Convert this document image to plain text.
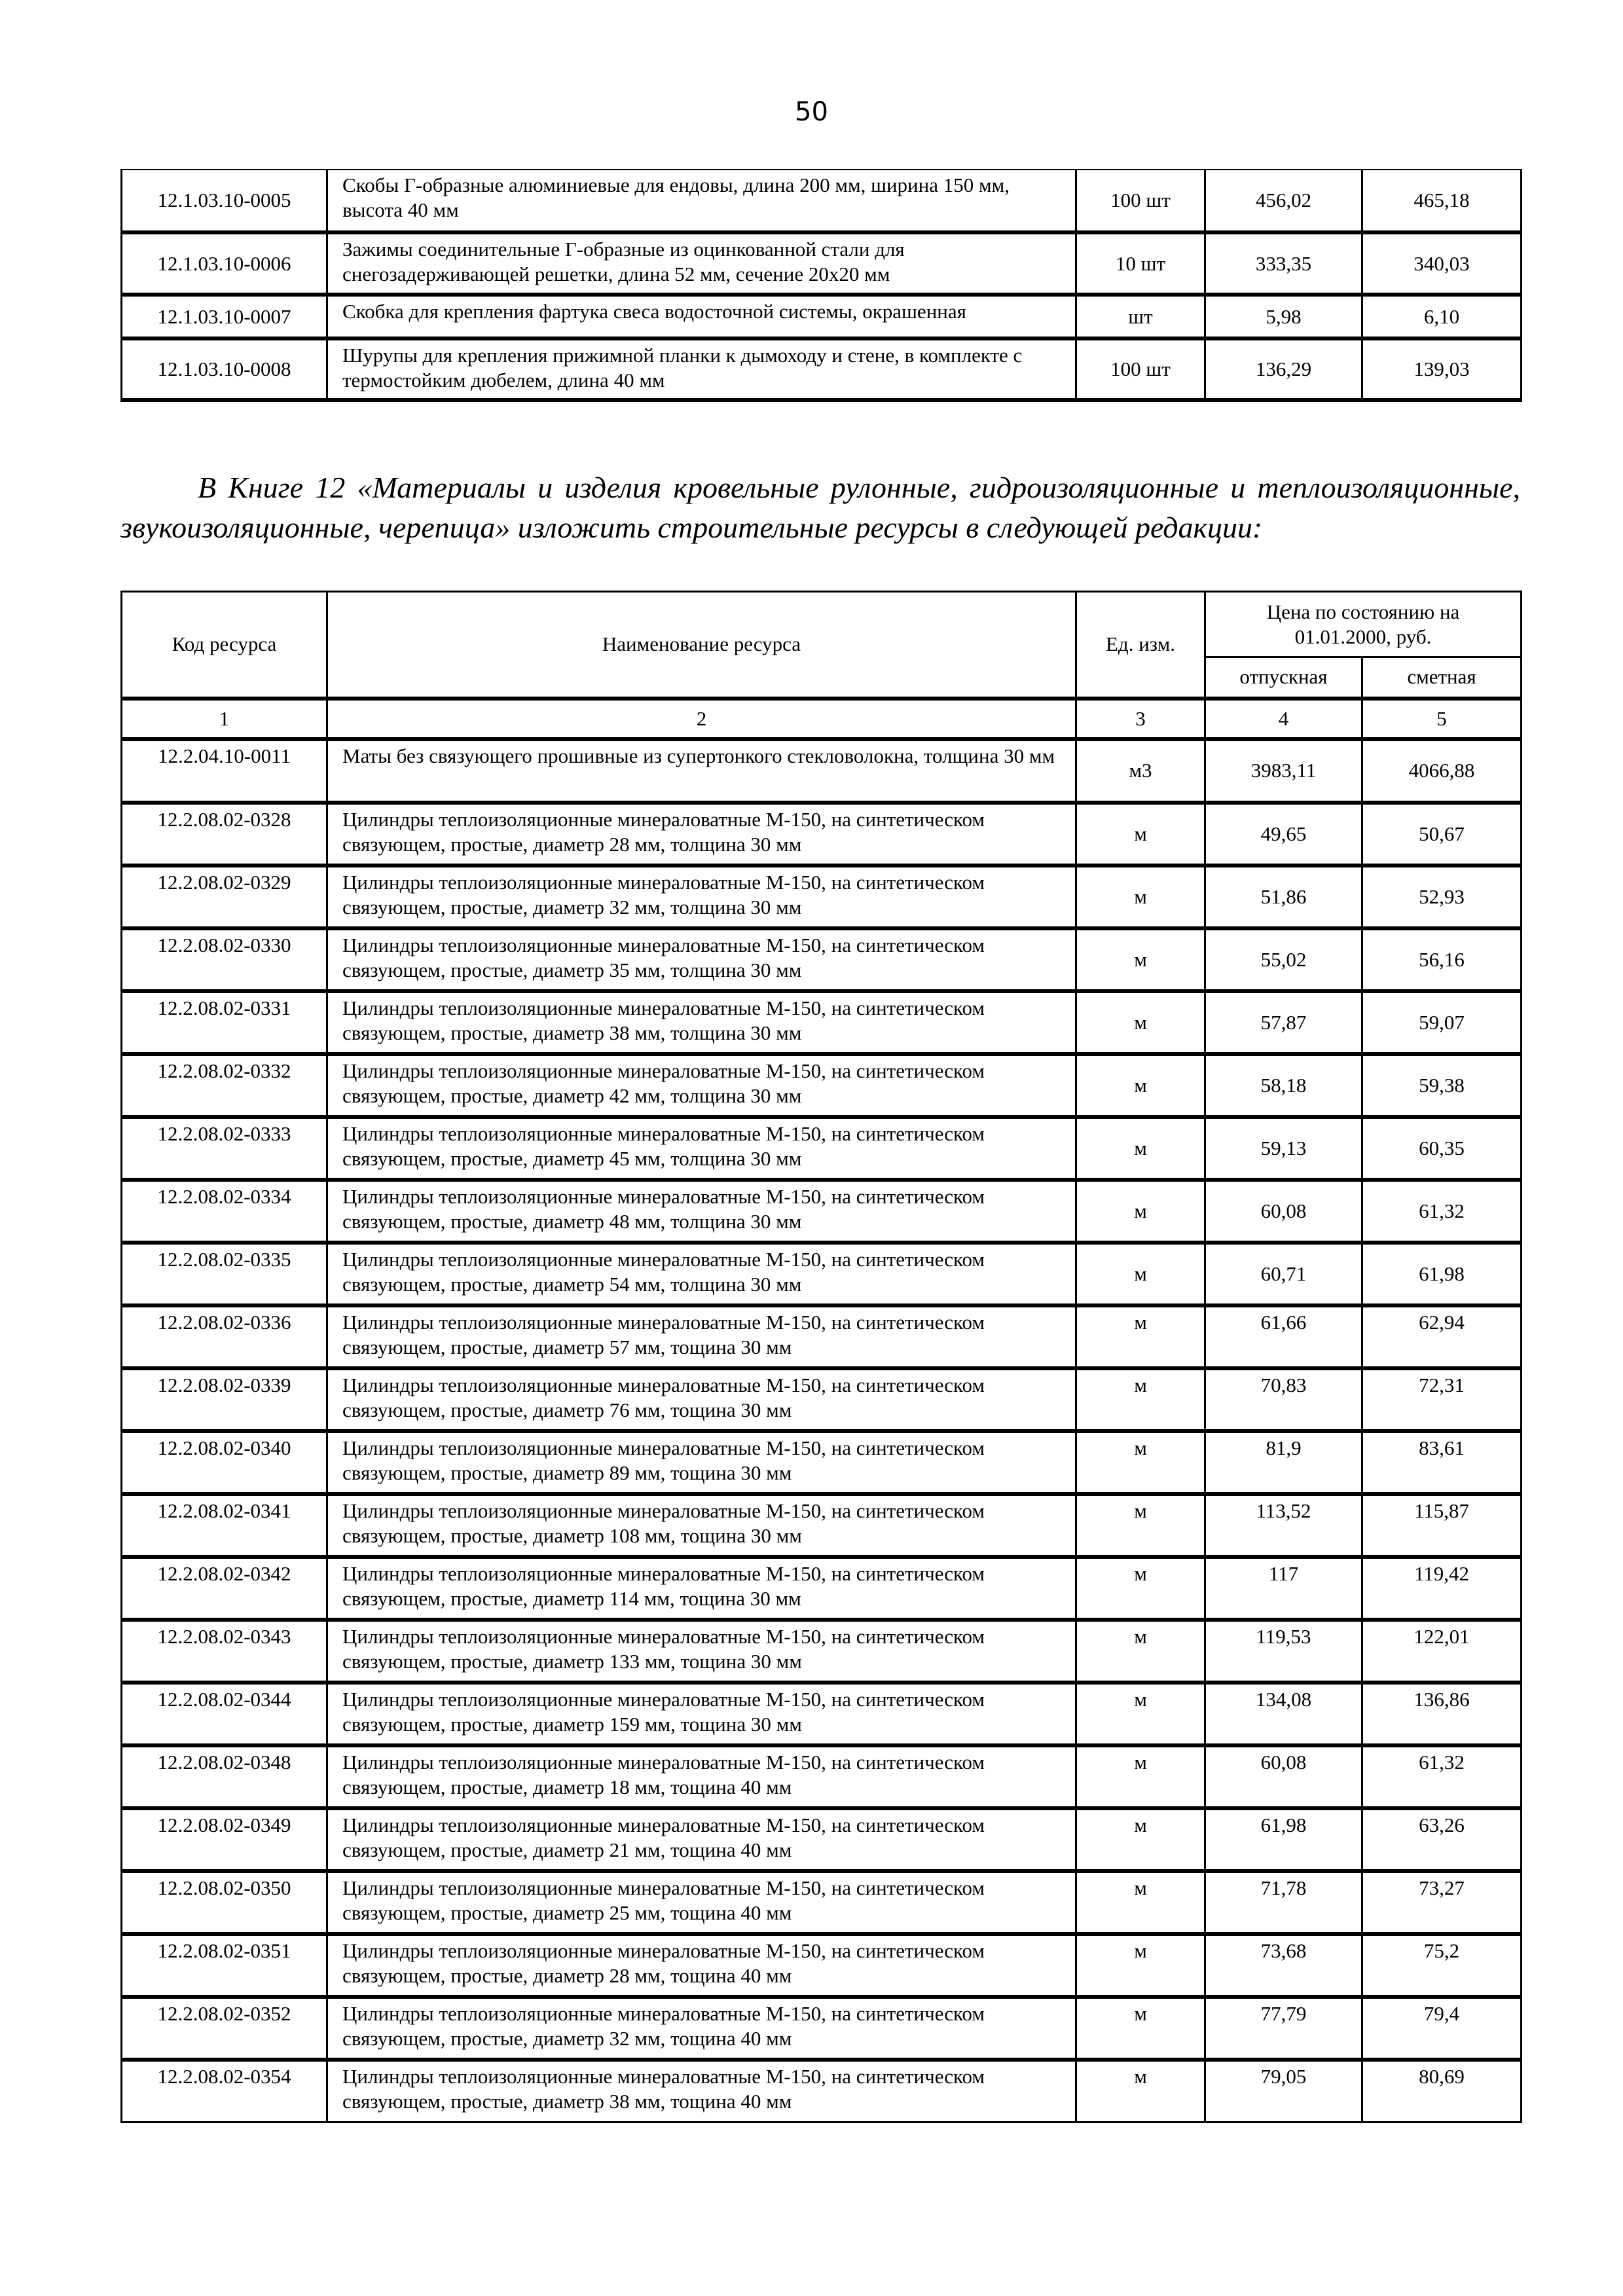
50
12.1.03.10-0005	Скобы Г-образные алюминиевые для ендовы, длина 200 мм, ширина 150 мм, высота 40 мм	100 шт	456,02	465,18
12.1.03.10-0006	Зажимы соединительные Г-образные из оцинкованной стали для снегозадерживающей решетки, длина 52 мм, сечение 20х20 мм	10 шт	333,35	340,03
12.1.03.10-0007	Скобка для крепления фартука свеса водосточной системы, окрашенная	шт	5,98	6,10
12.1.03.10-0008	Шурупы для крепления прижимной планки к дымоходу и стене, в комплекте с термостойким дюбелем, длина 40 мм	100 шт	136,29	139,03

В Книге 12 «Материалы и изделия кровельные рулонные, гидроизоляционные и теплоизоляционные, звукоизоляционные, черепица» изложить строительные ресурсы в следующей редакции:

Код ресурса	Наименование ресурса	Ед. изм.	Цена по состоянию на 01.01.2000, руб.	
			отпускная	сметная
1	2	3	4	5
12.2.04.10-0011	Маты без связующего прошивные из супертонкого стекловолокна, толщина 30 мм	м3	3983,11	4066,88
12.2.08.02-0328	Цилиндры теплоизоляционные минераловатные М-150, на синтетическом связующем, простые, диаметр 28 мм, толщина 30 мм	м	49,65	50,67
12.2.08.02-0329	Цилиндры теплоизоляционные минераловатные М-150, на синтетическом связующем, простые, диаметр 32 мм, толщина 30 мм	м	51,86	52,93
12.2.08.02-0330	Цилиндры теплоизоляционные минераловатные М-150, на синтетическом связующем, простые, диаметр 35 мм, толщина 30 мм	м	55,02	56,16
12.2.08.02-0331	Цилиндры теплоизоляционные минераловатные М-150, на синтетическом связующем, простые, диаметр 38 мм, толщина 30 мм	м	57,87	59,07
12.2.08.02-0332	Цилиндры теплоизоляционные минераловатные М-150, на синтетическом связующем, простые, диаметр 42 мм, толщина 30 мм	м	58,18	59,38
12.2.08.02-0333	Цилиндры теплоизоляционные минераловатные М-150, на синтетическом связующем, простые, диаметр 45 мм, толщина 30 мм	м	59,13	60,35
12.2.08.02-0334	Цилиндры теплоизоляционные минераловатные М-150, на синтетическом связующем, простые, диаметр 48 мм, толщина 30 мм	м	60,08	61,32
12.2.08.02-0335	Цилиндры теплоизоляционные минераловатные М-150, на синтетическом связующем, простые, диаметр 54 мм, толщина 30 мм	м	60,71	61,98
12.2.08.02-0336	Цилиндры теплоизоляционные минераловатные М-150, на синтетическом связующем, простые, диаметр 57 мм, тощина 30 мм	м	61,66	62,94
12.2.08.02-0339	Цилиндры теплоизоляционные минераловатные М-150, на синтетическом связующем, простые, диаметр 76 мм, тощина 30 мм	м	70,83	72,31
12.2.08.02-0340	Цилиндры теплоизоляционные минераловатные М-150, на синтетическом связующем, простые, диаметр 89 мм, тощина 30 мм	м	81,9	83,61
12.2.08.02-0341	Цилиндры теплоизоляционные минераловатные М-150, на синтетическом связующем, простые, диаметр 108 мм, тощина 30 мм	м	113,52	115,87
12.2.08.02-0342	Цилиндры теплоизоляционные минераловатные М-150, на синтетическом связующем, простые, диаметр 114 мм, тощина 30 мм	м	117	119,42
12.2.08.02-0343	Цилиндры теплоизоляционные минераловатные М-150, на синтетическом связующем, простые, диаметр 133 мм, тощина 30 мм	м	119,53	122,01
12.2.08.02-0344	Цилиндры теплоизоляционные минераловатные М-150, на синтетическом связующем, простые, диаметр 159 мм, тощина 30 мм	м	134,08	136,86
12.2.08.02-0348	Цилиндры теплоизоляционные минераловатные М-150, на синтетическом связующем, простые, диаметр 18 мм, тощина 40 мм	м	60,08	61,32
12.2.08.02-0349	Цилиндры теплоизоляционные минераловатные М-150, на синтетическом связующем, простые, диаметр 21 мм, тощина 40 мм	м	61,98	63,26
12.2.08.02-0350	Цилиндры теплоизоляционные минераловатные М-150, на синтетическом связующем, простые, диаметр 25 мм, тощина 40 мм	м	71,78	73,27
12.2.08.02-0351	Цилиндры теплоизоляционные минераловатные М-150, на синтетическом связующем, простые, диаметр 28 мм, тощина 40 мм	м	73,68	75,2
12.2.08.02-0352	Цилиндры теплоизоляционные минераловатные М-150, на синтетическом связующем, простые, диаметр 32 мм, тощина 40 мм	м	77,79	79,4
12.2.08.02-0354	Цилиндры теплоизоляционные минераловатные М-150, на синтетическом связующем, простые, диаметр 38 мм, тощина 40 мм	м	79,05	80,69
